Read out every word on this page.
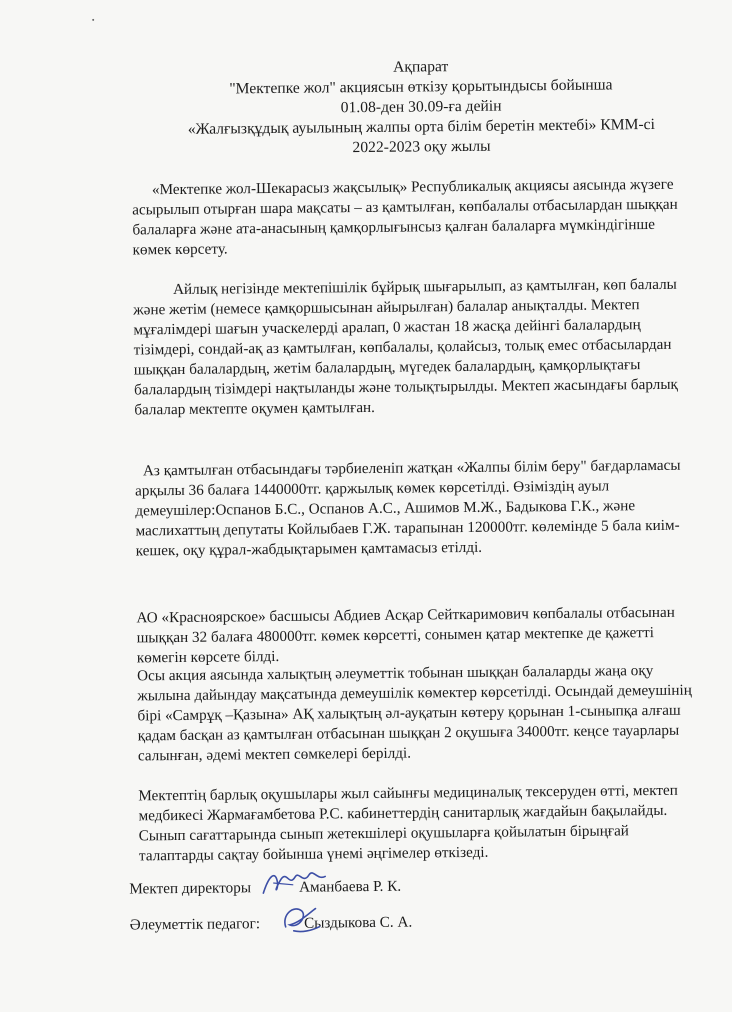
Ақпарат
"Мектепке жол" акциясын өткізу қорытындысы бойынша
01.08-ден 30.09-ға дейін
«Жалғызқұдық ауылының жалпы орта білім беретін мектебі» КММ-сі
2022-2023 оқу жылы
«Мектепке жол-Шекарасыз жақсылық» Республикалық акциясы аясында жүзеге асырылып отырған шара мақсаты – аз қамтылған, көпбалалы отбасылардан шыққан балаларға және ата-анасының қамқорлығынсыз қалған балаларға мүмкіндігінше көмек көрсету.
Айлық негізінде мектепішілік бұйрық шығарылып, аз қамтылған, көп балалы және жетім (немесе қамқоршысынан айырылған) балалар анықталды. Мектеп мұғалімдері шағын учаскелерді аралап, 0 жастан 18 жасқа дейінгі балалардың тізімдері, сондай-ақ аз қамтылған, көпбалалы, қолайсыз, толық емес отбасылардан шыққан балалардың, жетім балалардың, мүгедек балалардың, қамқорлықтағы балалардың тізімдері нақтыланды және толықтырылды. Мектеп жасындағы барлық балалар мектепте оқумен қамтылған.
Аз қамтылған отбасындағы тәрбиеленіп жатқан «Жалпы білім беру" бағдарламасы арқылы 36 балаға 1440000тг. қаржылық көмек көрсетілді. Өзіміздің ауыл демеушілер:Оспанов Б.С., Оспанов А.С., Ашимов М.Ж., Бадыкова Г.К., және маслихаттың депутаты Койлыбаев Г.Ж. тарапынан 120000тг. көлемінде 5 бала киім-кешек, оқу құрал-жабдықтарымен қамтамасыз етілді.
АО «Красноярское» басшысы Абдиев Асқар Сейткаримович көпбалалы отбасынан шыққан 32 балаға 480000тг. көмек көрсетті, сонымен қатар мектепке де қажетті көмегін көрсете білді.
Осы акция аясында халықтың әлеуметтік тобынан шыққан балаларды жаңа оқу жылына дайындау мақсатында демеушілік көмектер көрсетілді. Осындай демеушінің бірі «Самрұқ –Қазына» АҚ халықтың әл-ауқатын көтеру қорынан 1-сыныпқа алғаш қадам басқан аз қамтылған отбасынан шыққан 2 оқушыға 34000тг. кеңсе тауарлары салынған, әдемі мектеп сөмкелері берілді.
Мектептің барлық оқушылары жыл сайынғы медициналық тексеруден өтті, мектеп медбикесі Жармағамбетова Р.С. кабинеттердің санитарлық жағдайын бақылайды. Сынып сағаттарында сынып жетекшілері оқушыларға қойылатын бірыңғай талаптарды сақтау бойынша үнемі әңгімелер өткізеді.
Мектеп директоры	Аманбаева Р. К.
Әлеуметтік педагог:	Сыздыкова С. А.
